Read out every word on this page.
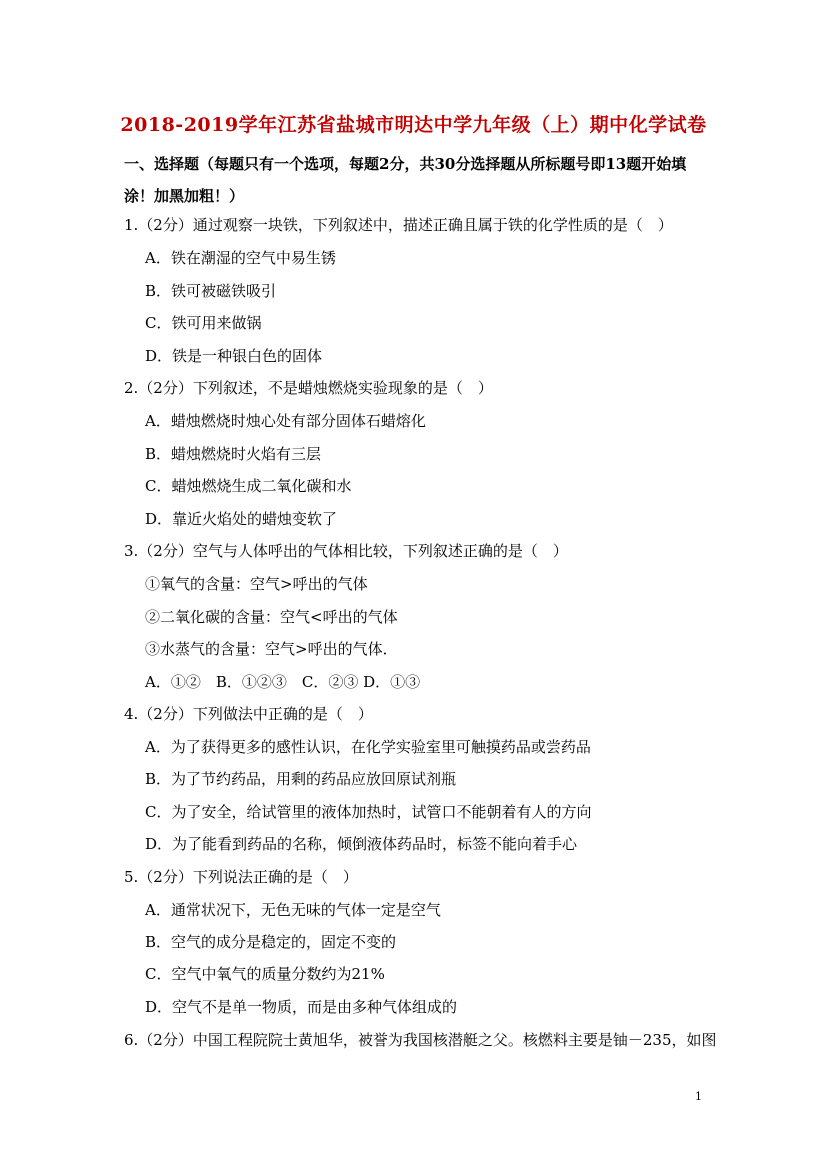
2018-2019学年江苏省盐城市明达中学九年级（上）期中化学试卷
一、选择题（每题只有一个选项，每题2分，共30分选择题从所标题号即13题开始填涂！加黑加粗！）
1.（2分）通过观察一块铁，下列叙述中，描述正确且属于铁的化学性质的是（　）
A．铁在潮湿的空气中易生锈
B．铁可被磁铁吸引
C．铁可用来做锅
D．铁是一种银白色的固体
2.（2分）下列叙述，不是蜡烛燃烧实验现象的是（　）
A．蜡烛燃烧时烛心处有部分固体石蜡熔化
B．蜡烛燃烧时火焰有三层
C．蜡烛燃烧生成二氧化碳和水
D．靠近火焰处的蜡烛变软了
3.（2分）空气与人体呼出的气体相比较，下列叙述正确的是（　）
①氧气的含量：空气>呼出的气体
②二氧化碳的含量：空气<呼出的气体
③水蒸气的含量：空气>呼出的气体．
A．①②　B．①②③　C．②③ D．①③
4.（2分）下列做法中正确的是（　）
A．为了获得更多的感性认识，在化学实验室里可触摸药品或尝药品
B．为了节约药品，用剩的药品应放回原试剂瓶
C．为了安全，给试管里的液体加热时，试管口不能朝着有人的方向
D．为了能看到药品的名称，倾倒液体药品时，标签不能向着手心
5.（2分）下列说法正确的是（　）
A．通常状况下，无色无味的气体一定是空气
B．空气的成分是稳定的，固定不变的
C．空气中氧气的质量分数约为21%
D．空气不是单一物质，而是由多种气体组成的
6.（2分）中国工程院院士黄旭华，被誉为我国核潜艇之父。核燃料主要是铀－235，如图
1
